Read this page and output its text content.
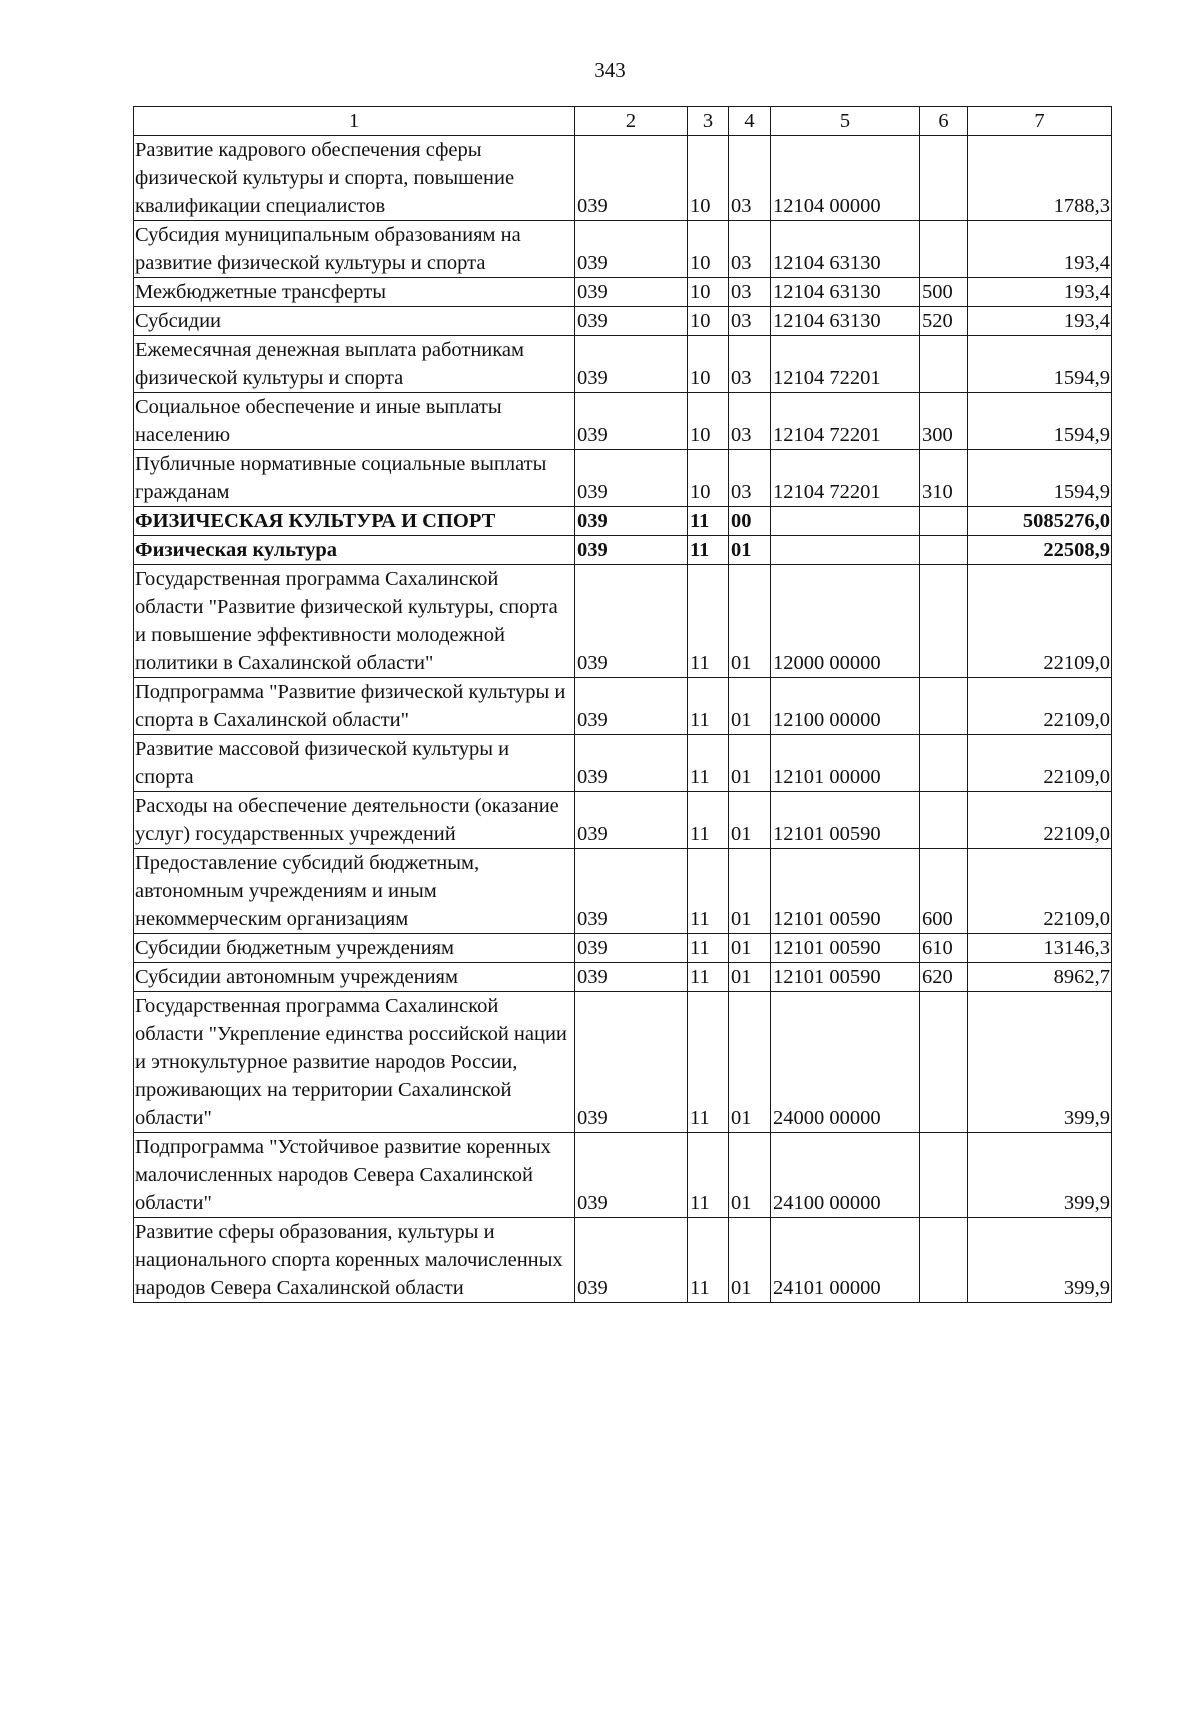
343
1	2	3	4	5	6	7
Развитие кадрового обеспечения сферы физической культуры и спорта, повышение квалификации специалистов	039	10	03	12104 00000		1788,3
Субсидия муниципальным образованиям на развитие физической культуры и спорта	039	10	03	12104 63130		193,4
Межбюджетные трансферты	039	10	03	12104 63130	500	193,4
Субсидии	039	10	03	12104 63130	520	193,4
Ежемесячная денежная выплата работникам физической культуры и спорта	039	10	03	12104 72201		1594,9
Социальное обеспечение и иные выплаты населению	039	10	03	12104 72201	300	1594,9
Публичные нормативные социальные выплаты гражданам	039	10	03	12104 72201	310	1594,9
ФИЗИЧЕСКАЯ КУЛЬТУРА И СПОРТ	039	11	00			5085276,0
Физическая культура	039	11	01			22508,9
Государственная программа Сахалинской области "Развитие физической культуры, спорта и повышение эффективности молодежной политики в Сахалинской области"	039	11	01	12000 00000		22109,0
Подпрограмма "Развитие физической культуры и спорта в Сахалинской области"	039	11	01	12100 00000		22109,0
Развитие массовой физической культуры и спорта	039	11	01	12101 00000		22109,0
Расходы на обеспечение деятельности (оказание услуг) государственных учреждений	039	11	01	12101 00590		22109,0
Предоставление субсидий бюджетным, автономным учреждениям и иным некоммерческим организациям	039	11	01	12101 00590	600	22109,0
Субсидии бюджетным учреждениям	039	11	01	12101 00590	610	13146,3
Субсидии автономным учреждениям	039	11	01	12101 00590	620	8962,7
Государственная программа Сахалинской области "Укрепление единства российской нации и этнокультурное развитие народов России, проживающих на территории Сахалинской области"	039	11	01	24000 00000		399,9
Подпрограмма "Устойчивое развитие коренных малочисленных народов Севера Сахалинской области"	039	11	01	24100 00000		399,9
Развитие сферы образования, культуры и национального спорта коренных малочисленных народов Севера Сахалинской области	039	11	01	24101 00000		399,9
